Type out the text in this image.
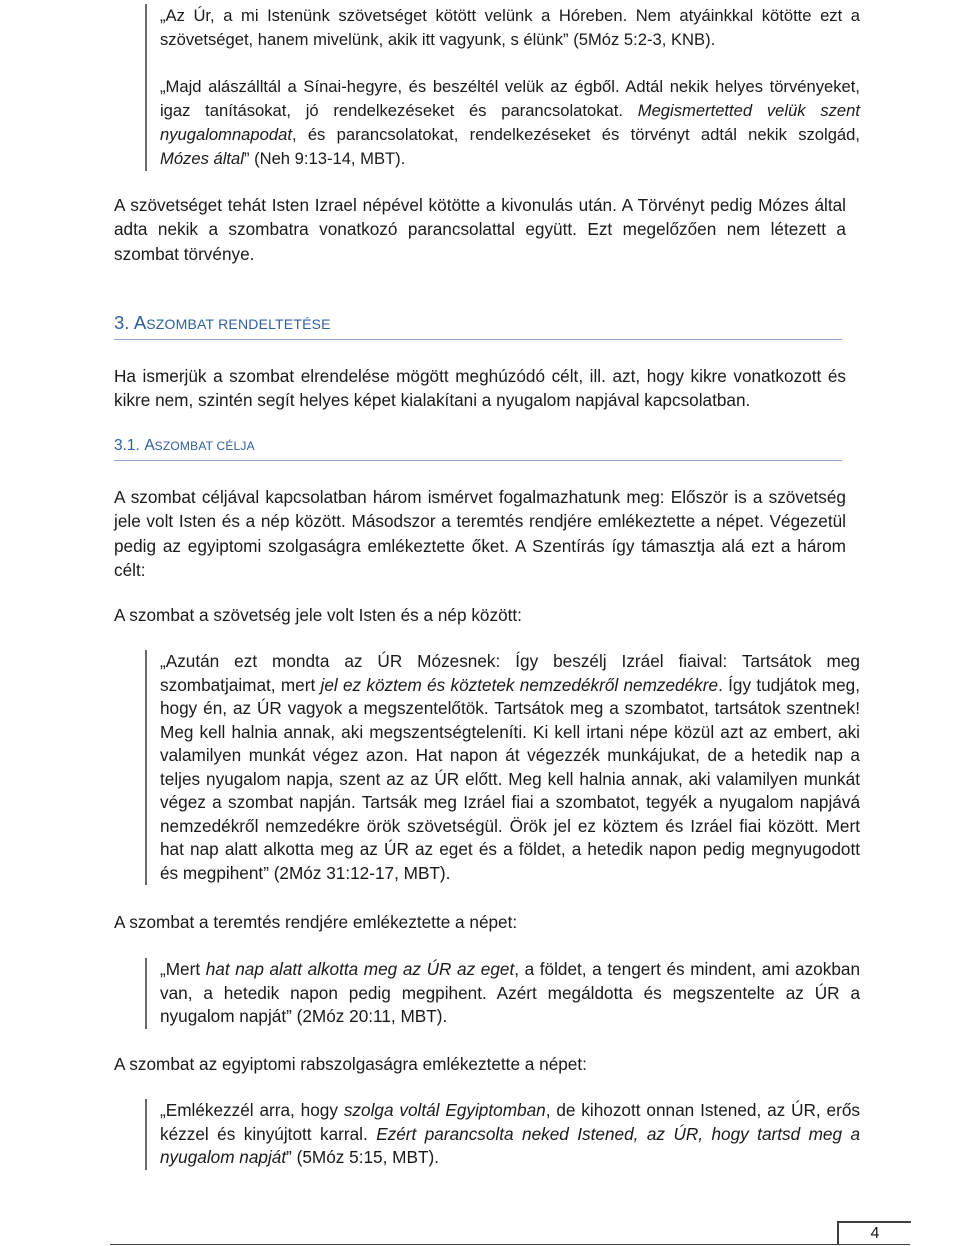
„Az Úr, a mi Istenünk szövetséget kötött velünk a Hóreben. Nem atyáinkkal kötötte ezt a szövetséget, hanem mivelünk, akik itt vagyunk, s élünk” (5Móz 5:2-3, KNB).

„Majd alászálltál a Sínai-hegyre, és beszéltél velük az égből. Adtál nekik helyes törvényeket, igaz tanításokat, jó rendelkezéseket és parancsolatokat. Megismertetted velük szent nyugalomnapodat, és parancsolatokat, rendelkezéseket és törvényt adtál nekik szolgád, Mózes által” (Neh 9:13-14, MBT).

A szövetséget tehát Isten Izrael népével kötötte a kivonulás után. A Törvényt pedig Mózes által adta nekik a szombatra vonatkozó parancsolattal együtt. Ezt megelőzően nem létezett a szombat törvénye.

3. ASZOMBAT RENDELTETÉSE

Ha ismerjük a szombat elrendelése mögött meghúzódó célt, ill. azt, hogy kikre vonatkozott és kikre nem, szintén segít helyes képet kialakítani a nyugalom napjával kapcsolatban.

3.1. ASZOMBAT CÉLJA

A szombat céljával kapcsolatban három ismérvet fogalmazhatunk meg: Először is a szövetség jele volt Isten és a nép között. Másodszor a teremtés rendjére emlékeztette a népet. Végezetül pedig az egyiptomi szolgaságra emlékeztette őket. A Szentírás így támasztja alá ezt a három célt:

A szombat a szövetség jele volt Isten és a nép között:

„Azután ezt mondta az ÚR Mózesnek: Így beszélj Izráel fiaival: Tartsátok meg szombatjaimat, mert jel ez köztem és köztetek nemzedékről nemzedékre. Így tudjátok meg, hogy én, az ÚR vagyok a megszentelőtök. Tartsátok meg a szombatot, tartsátok szentnek! Meg kell halnia annak, aki megszentségteleníti. Ki kell irtani népe közül azt az embert, aki valamilyen munkát végez azon. Hat napon át végezzék munkájukat, de a hetedik nap a teljes nyugalom napja, szent az az ÚR előtt. Meg kell halnia annak, aki valamilyen munkát végez a szombat napján. Tartsák meg Izráel fiai a szombatot, tegyék a nyugalom napjává nemzedékről nemzedékre örök szövetségül. Örök jel ez köztem és Izráel fiai között. Mert hat nap alatt alkotta meg az ÚR az eget és a földet, a hetedik napon pedig megnyugodott és megpihent” (2Móz 31:12-17, MBT).

A szombat a teremtés rendjére emlékeztette a népet:

„Mert hat nap alatt alkotta meg az ÚR az eget, a földet, a tengert és mindent, ami azokban van, a hetedik napon pedig megpihent. Azért megáldotta és megszentelte az ÚR a nyugalom napját” (2Móz 20:11, MBT).

A szombat az egyiptomi rabszolgaságra emlékeztette a népet:

„Emlékezzél arra, hogy szolga voltál Egyiptomban, de kihozott onnan Istened, az ÚR, erős kézzel és kinyújtott karral. Ezért parancsolta neked Istened, az ÚR, hogy tartsd meg a nyugalom napját” (5Móz 5:15, MBT).

4
